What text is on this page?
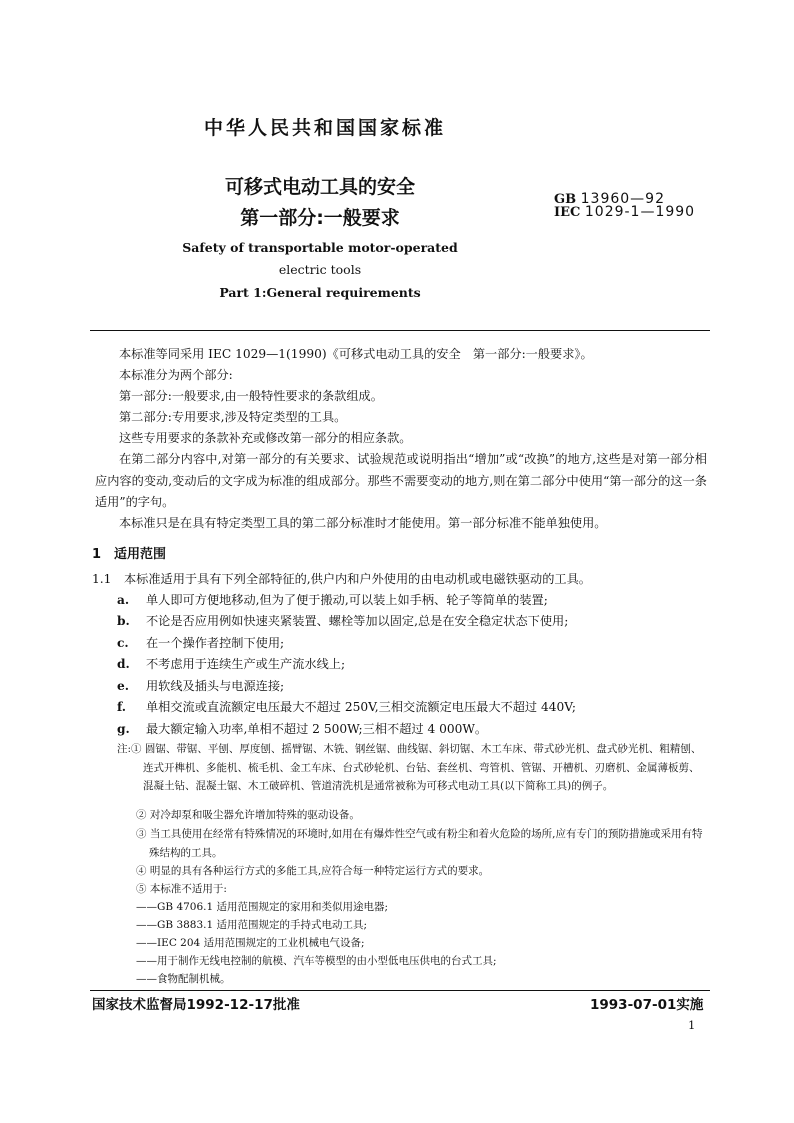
中华人民共和国国家标准
可移式电动工具的安全
第一部分:一般要求
GB 13960—92
IEC 1029-1—1990
Safety of transportable motor-operated
electric tools
Part 1:General requirements
本标准等同采用 IEC 1029—1(1990)《可移式电动工具的安全　第一部分:一般要求》。
本标准分为两个部分:
第一部分:一般要求,由一般特性要求的条款组成。
第二部分:专用要求,涉及特定类型的工具。
这些专用要求的条款补充或修改第一部分的相应条款。
在第二部分内容中,对第一部分的有关要求、试验规范或说明指出“增加”或“改换”的地方,这些是对第一部分相应内容的变动,变动后的文字成为标准的组成部分。那些不需要变动的地方,则在第二部分中使用“第一部分的这一条适用”的字句。
本标准只是在具有特定类型工具的第二部分标准时才能使用。第一部分标准不能单独使用。
1　适用范围
1.1 本标准适用于具有下列全部特征的,供户内和户外使用的由电动机或电磁铁驱动的工具。
a. 单人即可方便地移动,但为了便于搬动,可以装上如手柄、轮子等简单的装置;
b. 不论是否应用例如快速夹紧装置、螺栓等加以固定,总是在安全稳定状态下使用;
c. 在一个操作者控制下使用;
d. 不考虑用于连续生产或生产流水线上;
e. 用软线及插头与电源连接;
f. 单相交流或直流额定电压最大不超过 250V,三相交流额定电压最大不超过 440V;
g. 最大额定输入功率,单相不超过 2 500W;三相不超过 4 000W。
注:① 圆锯、带锯、平刨、厚度刨、摇臂锯、木铣、钢丝锯、曲线锯、斜切锯、木工车床、带式砂光机、盘式砂光机、粗精刨、连式开榫机、多能机、梳毛机、金工车床、台式砂轮机、台钻、套丝机、弯管机、管锯、开槽机、刃磨机、金属薄板剪、混凝土钻、混凝土锯、木工破碎机、管道清洗机是通常被称为可移式电动工具(以下简称工具)的例子。
② 对冷却泵和吸尘器允许增加特殊的驱动设备。
③ 当工具使用在经常有特殊情况的环境时,如用在有爆炸性空气或有粉尘和着火危险的场所,应有专门的预防措施或采用有特殊结构的工具。
④ 明显的具有各种运行方式的多能工具,应符合每一种特定运行方式的要求。
⑤ 本标准不适用于:
——GB 4706.1 适用范围规定的家用和类似用途电器;
——GB 3883.1 适用范围规定的手持式电动工具;
——IEC 204 适用范围规定的工业机械电气设备;
——用于制作无线电控制的航模、汽车等模型的由小型低电压供电的台式工具;
——食物配制机械。
国家技术监督局1992-12-17批准	1993-07-01实施
1
